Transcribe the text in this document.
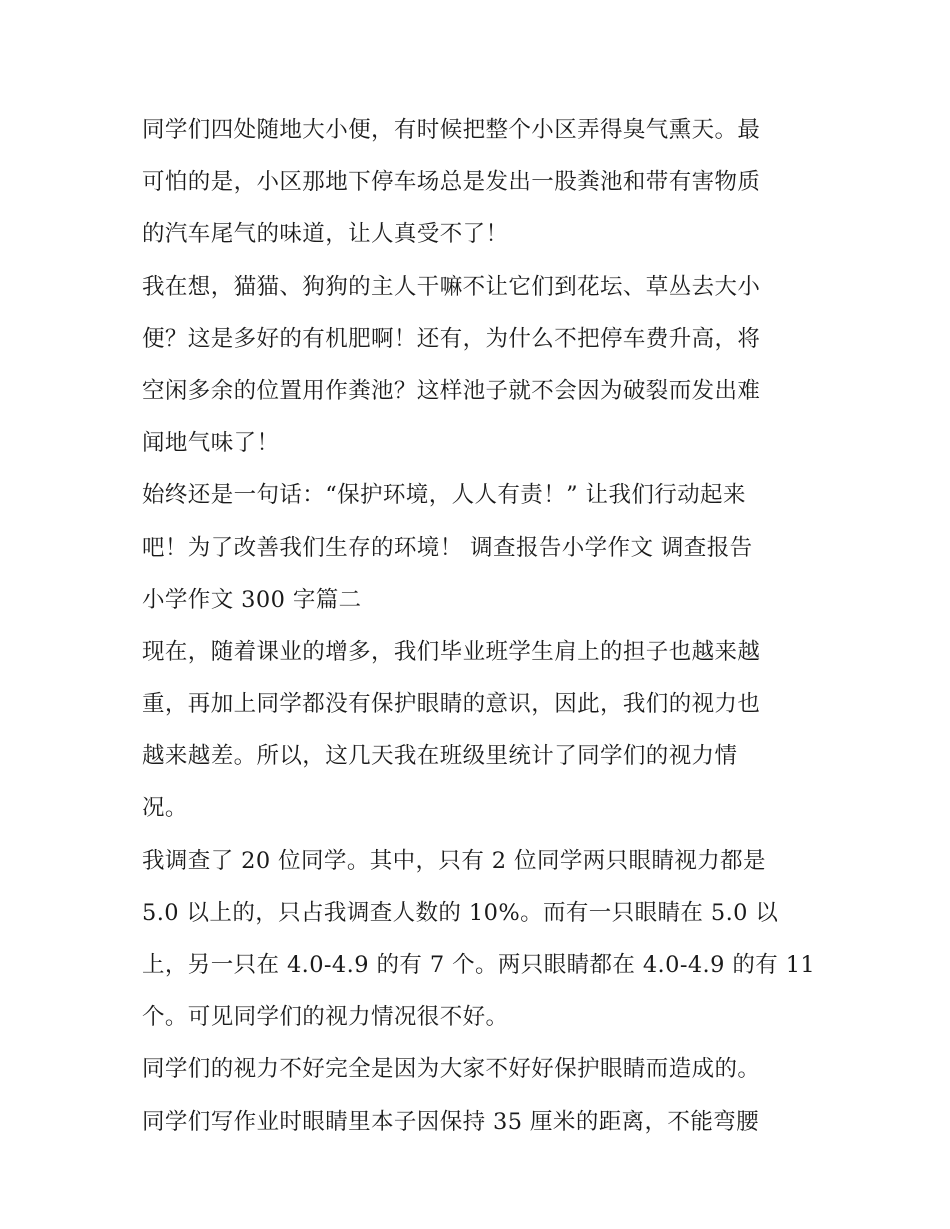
同学们四处随地大小便，有时候把整个小区弄得臭气熏天。最
可怕的是，小区那地下停车场总是发出一股粪池和带有害物质
的汽车尾气的味道，让人真受不了！
我在想，猫猫、狗狗的主人干嘛不让它们到花坛、草丛去大小
便？这是多好的有机肥啊！还有，为什么不把停车费升高，将
空闲多余的位置用作粪池？这样池子就不会因为破裂而发出难
闻地气味了！
始终还是一句话：“保护环境，人人有责！” 让我们行动起来
吧！为了改善我们生存的环境！ 调查报告小学作文 调查报告
小学作文 300 字篇二
现在，随着课业的增多，我们毕业班学生肩上的担子也越来越
重，再加上同学都没有保护眼睛的意识，因此，我们的视力也
越来越差。所以，这几天我在班级里统计了同学们的视力情
况。
我调查了 20 位同学。其中，只有 2 位同学两只眼睛视力都是
5.0 以上的，只占我调查人数的 10%。而有一只眼睛在 5.0 以
上，另一只在 4.0-4.9 的有 7 个。两只眼睛都在 4.0-4.9 的有 11
个。可见同学们的视力情况很不好。
同学们的视力不好完全是因为大家不好好保护眼睛而造成的。
同学们写作业时眼睛里本子因保持 35 厘米的距离，不能弯腰
